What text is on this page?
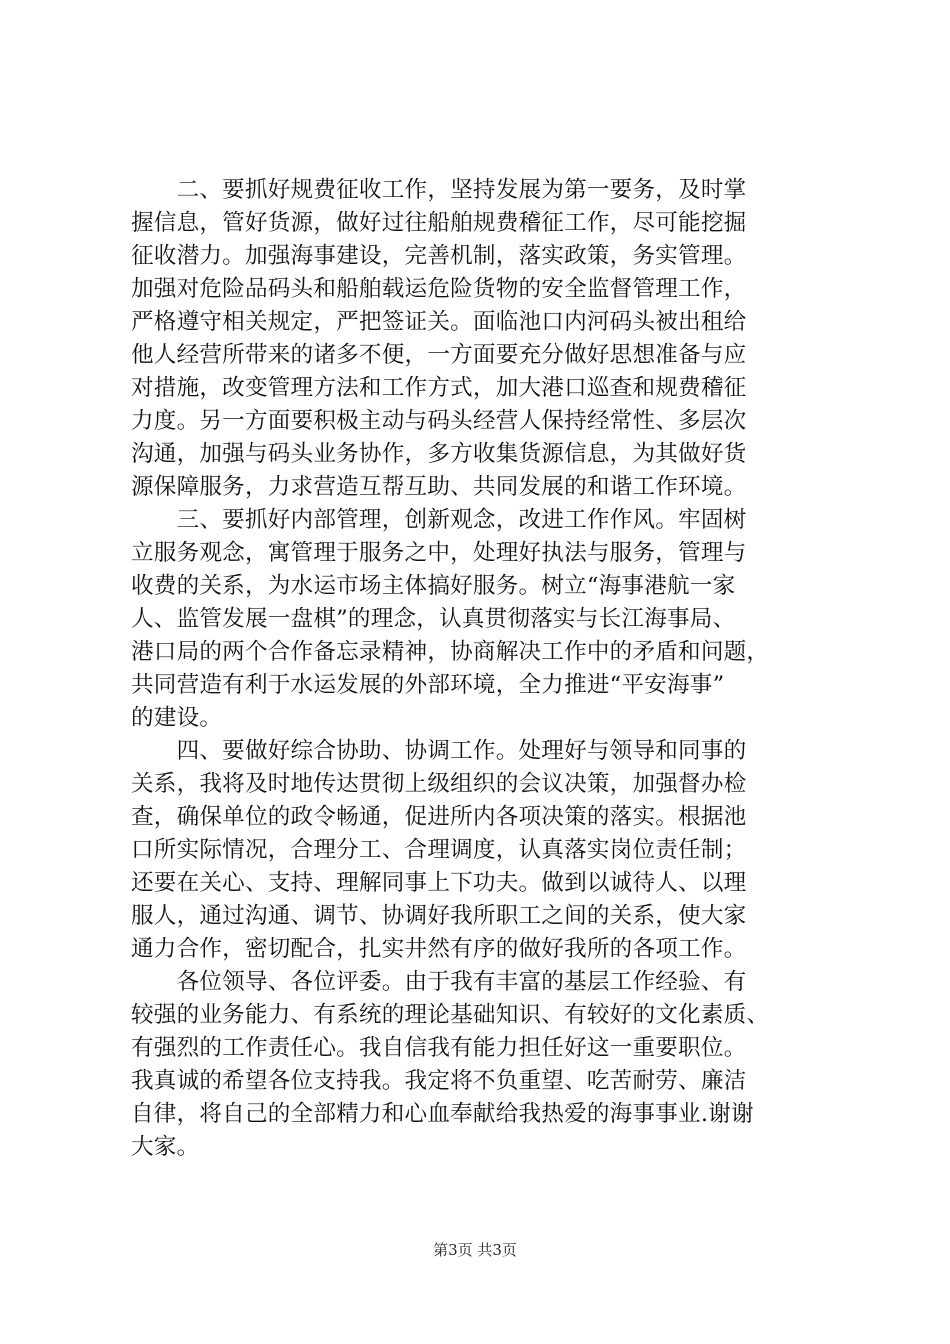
　　二、要抓好规费征收工作，坚持发展为第一要务，及时掌
握信息，管好货源，做好过往船舶规费稽征工作，尽可能挖掘
征收潜力。加强海事建设，完善机制，落实政策，务实管理。
加强对危险品码头和船舶载运危险货物的安全监督管理工作，
严格遵守相关规定，严把签证关。面临池口内河码头被出租给
他人经营所带来的诸多不便，一方面要充分做好思想准备与应
对措施，改变管理方法和工作方式，加大港口巡查和规费稽征
力度。另一方面要积极主动与码头经营人保持经常性、多层次
沟通，加强与码头业务协作，多方收集货源信息，为其做好货
源保障服务，力求营造互帮互助、共同发展的和谐工作环境。
　　三、要抓好内部管理，创新观念，改进工作作风。牢固树
立服务观念，寓管理于服务之中，处理好执法与服务，管理与
收费的关系，为水运市场主体搞好服务。树立“海事港航一家
人、监管发展一盘棋”的理念，认真贯彻落实与长江海事局、
港口局的两个合作备忘录精神，协商解决工作中的矛盾和问题，
共同营造有利于水运发展的外部环境，全力推进“平安海事”
的建设。
　　四、要做好综合协助、协调工作。处理好与领导和同事的
关系，我将及时地传达贯彻上级组织的会议决策，加强督办检
查，确保单位的政令畅通，促进所内各项决策的落实。根据池
口所实际情况，合理分工、合理调度，认真落实岗位责任制；
还要在关心、支持、理解同事上下功夫。做到以诚待人、以理
服人，通过沟通、调节、协调好我所职工之间的关系，使大家
通力合作，密切配合，扎实井然有序的做好我所的各项工作。
　　各位领导、各位评委。由于我有丰富的基层工作经验、有
较强的业务能力、有系统的理论基础知识、有较好的文化素质、
有强烈的工作责任心。我自信我有能力担任好这一重要职位。
我真诚的希望各位支持我。我定将不负重望、吃苦耐劳、廉洁
自律，将自己的全部精力和心血奉献给我热爱的海事事业.谢谢
大家。
第3页 共3页
